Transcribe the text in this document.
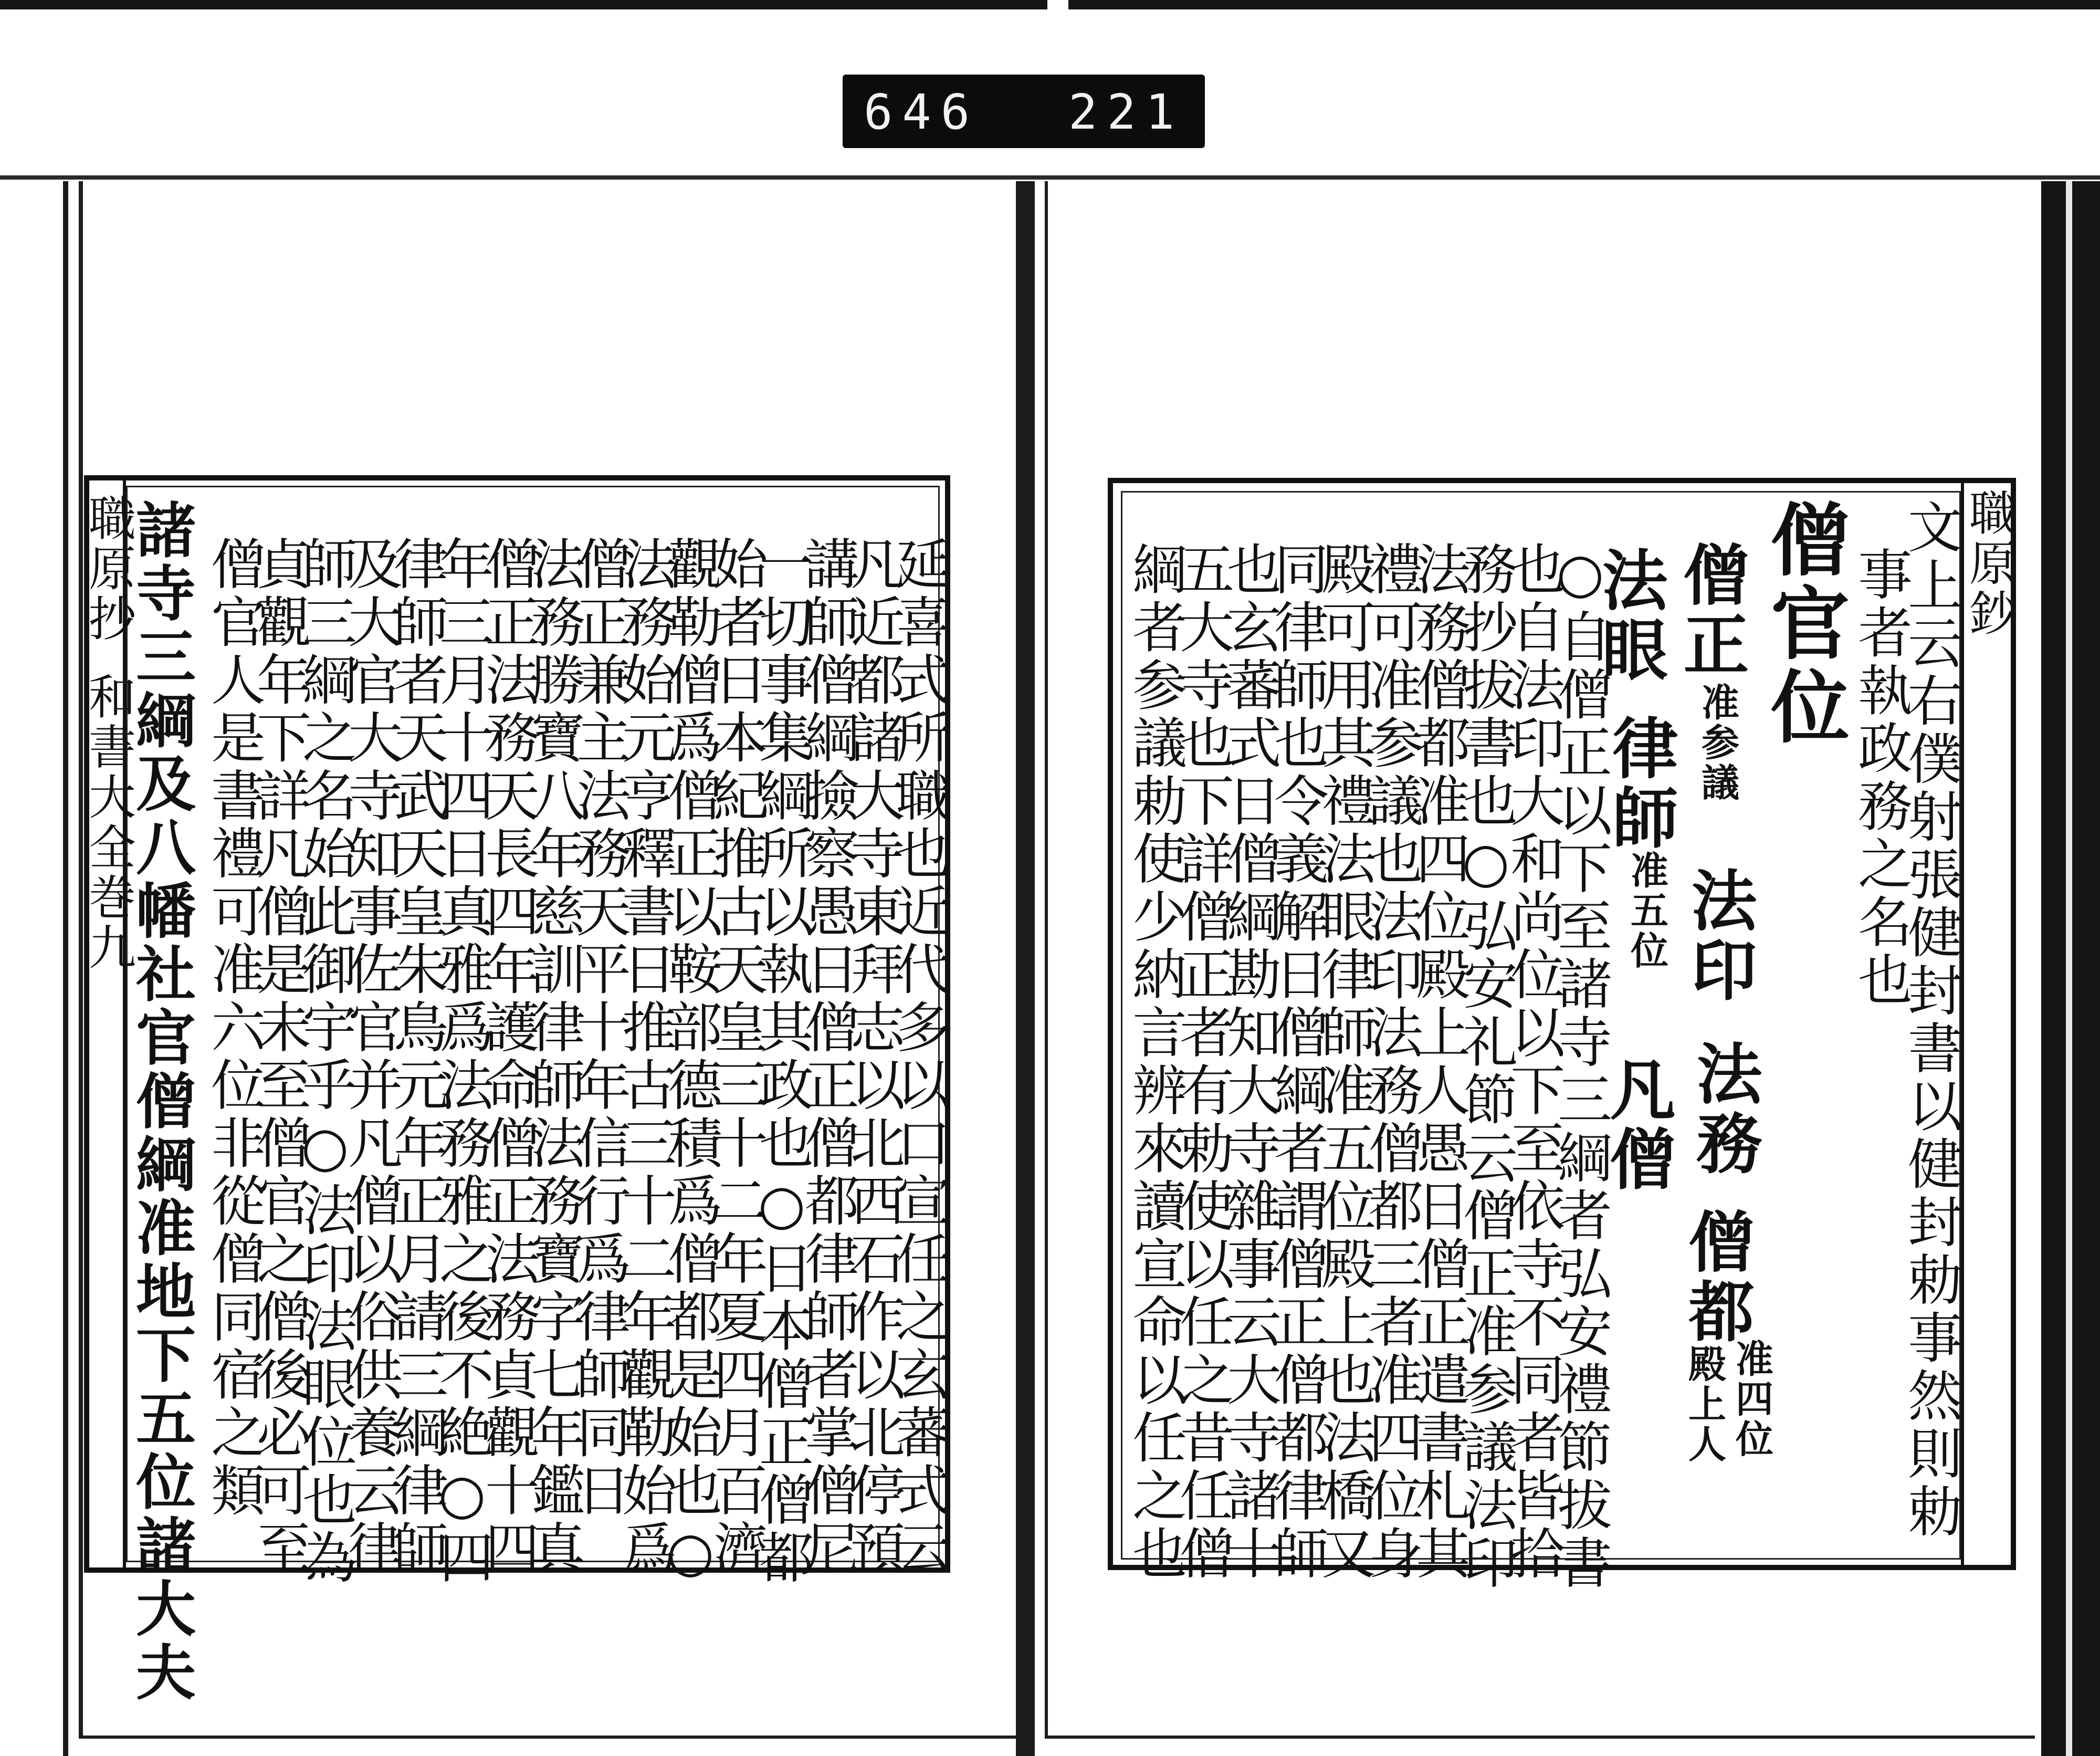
646 221
職原抄
和書大全巻九
諸寺三綱及八幡社官僧綱准地下五位諸大夫 僧官人是書禮可准六位非從僧同宿之類
貞觀年下詳凡僧是未至僧官之僧後必可至
師三綱之名始此御宇乎○法印法眼位也為
及大官大寺知事佐官并凡僧以俗供養云律
律師者天武天皇朱鳥元年正月請三綱律師
年三月十四日真雅爲法務雅之後不絶○四
僧正法務天長四年護命僧正法務貞觀十四
法務勝寶八年慈訓律師法務寶字七年鑑真
僧正兼主法務天平十年信行爲律師同日
法務始元亨釋書日推古三十二年觀勒始爲
觀勒僧爲僧正以鞍部德積爲僧都是始也○
始者日本紀推古天皇三十二年夏四月百濟
一切事集綱所以執其政也○日本僧正僧都
講師僧綱撿察愚日僧正僧都律師者掌僧尼
凡近都諸大寺東拜志以北西石作以北停預
延喜式所職也近代多以口宣任之玄蕃式云	職原鈔
綱者参議勅使少納言辨來讀宣命以任之也
五大寺也下詳僧正者有勅使以任之昔任僧
也玄蕃式日僧綱勘知大寺雜事云大寺諸十
同律師也令義解日僧綱者謂僧正僧都律師
殿可用其禮法眼律師准五位殿上也法橋又
禮可准参議也法印法務僧都三者准四位身
法務僧都准四位殿上人愚日僧正遣書札其
務抄拔書也○弘安礼節云僧正准参議法印
也自法印大和尚位以下至依寺不同者皆拾
○自僧正以下至諸寺三綱者弘安禮節拔書
法眼
律師
准五位
凡僧
僧正
准参議
法印
法務
僧都
准四位
殿上人
僧官位
事者執政務之名也
文上云右僕射張健封書以健封勅事然則勅
